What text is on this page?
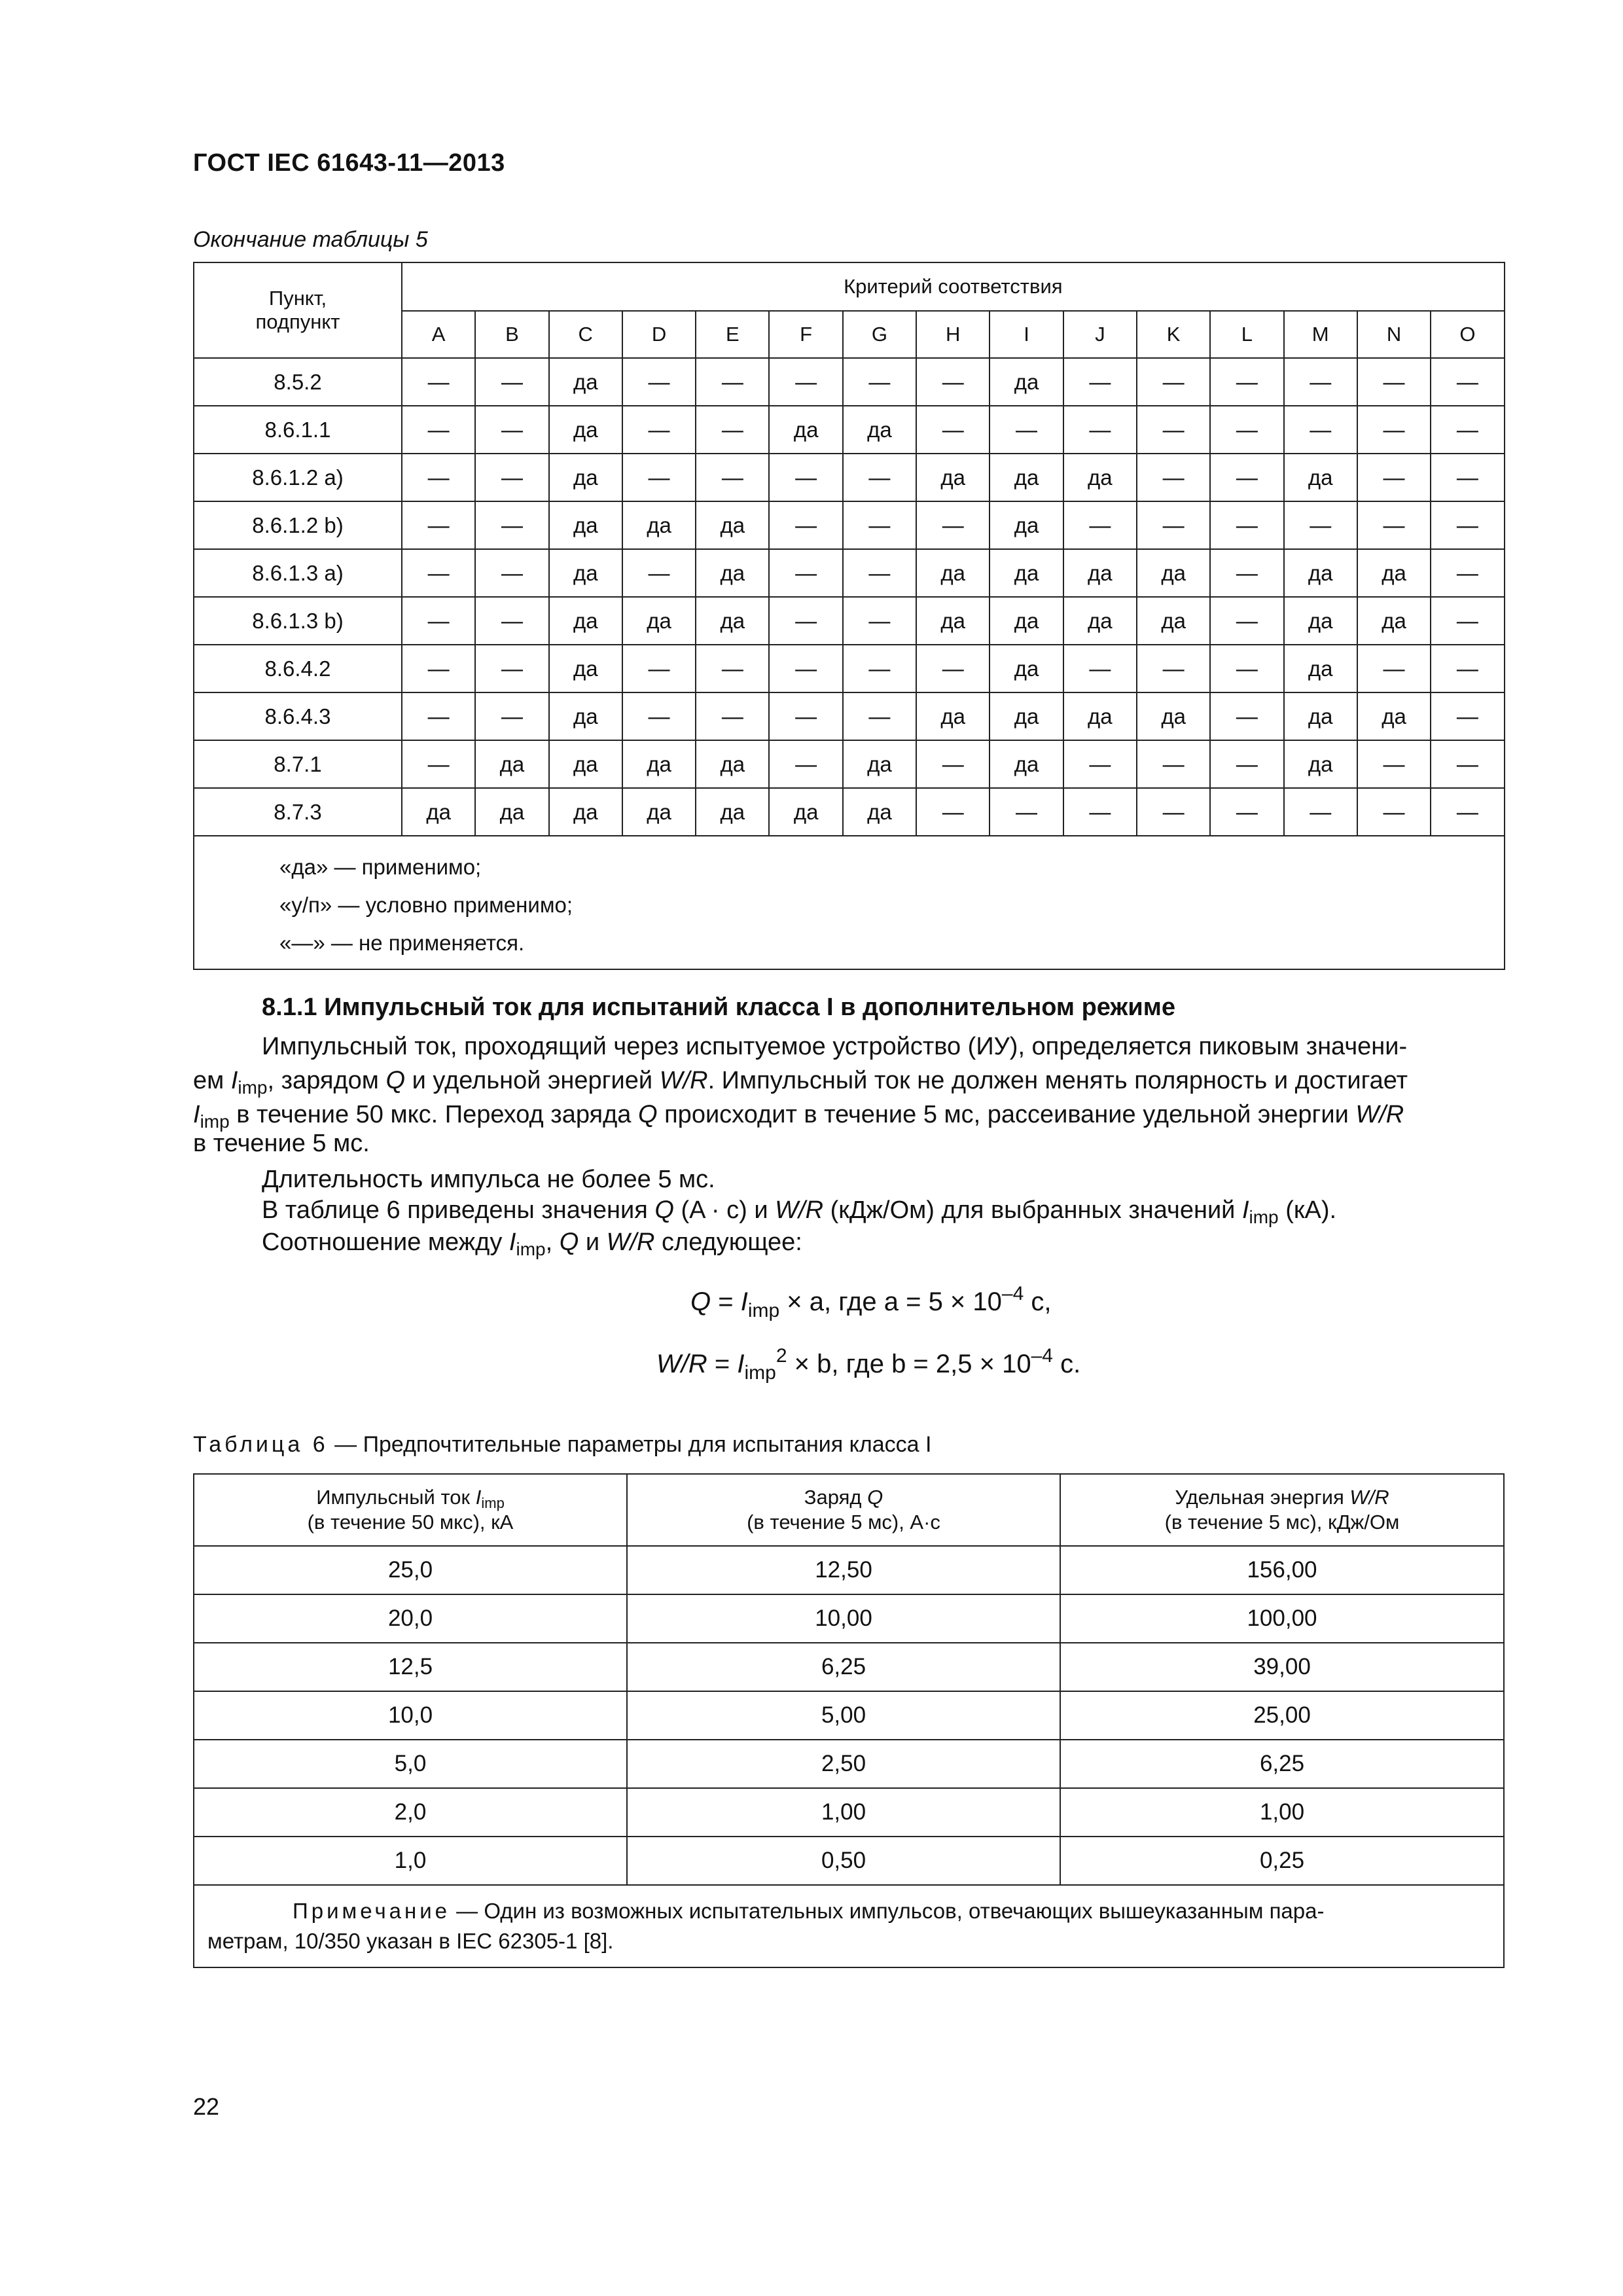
ГОСТ IEC 61643-11—2013
Окончание таблицы 5
Пункт,
подпункт	Критерий соответствия														
	A	B	C	D	E	F	G	H	I	J	K	L	M	N	O
8.5.2	—	—	да	—	—	—	—	—	да	—	—	—	—	—	—
8.6.1.1	—	—	да	—	—	да	да	—	—	—	—	—	—	—	—
8.6.1.2 a)	—	—	да	—	—	—	—	да	да	да	—	—	да	—	—
8.6.1.2 b)	—	—	да	да	да	—	—	—	да	—	—	—	—	—	—
8.6.1.3 a)	—	—	да	—	да	—	—	да	да	да	да	—	да	да	—
8.6.1.3 b)	—	—	да	да	да	—	—	да	да	да	да	—	да	да	—
8.6.4.2	—	—	да	—	—	—	—	—	да	—	—	—	да	—	—
8.6.4.3	—	—	да	—	—	—	—	да	да	да	да	—	да	да	—
8.7.1	—	да	да	да	да	—	да	—	да	—	—	—	да	—	—
8.7.3	да	да	да	да	да	да	да	—	—	—	—	—	—	—	—

«да» — применимо;
«у/п» — условно применимо;
«—» — не применяется.															
8.1.1 Импульсный ток для испытаний класса I в дополнительном режиме
Импульсный ток, проходящий через испытуемое устройство (ИУ), определяется пиковым значени-
ем $I_{imp}$, зарядом Q и удельной энергией W/R. Импульсный ток не должен менять полярность и достигает
$I_{imp}$ в течение 50 мкс. Переход заряда Q происходит в течение 5 мс, рассеивание удельной энергии W/R
в течение 5 мс.
Длительность импульса не более 5 мс.
В таблице 6 приведены значения Q (A · c) и W/R (кДж/Ом) для выбранных значений $I_{imp}$ (кА).
Соотношение между $I_{imp}$, Q и W/R следующее:
$Q = I_{imp} \times a$, где $a = 5 \times 10^{-4}$ c,
$W/R = I_{imp}^2 \times b$, где $b = 2,5 \times 10^{-4}$ c.
Таблица 6 — Предпочтительные параметры для испытания класса I
Импульсный ток $I_{imp}$
(в течение 50 мкс), кА	Заряд Q
(в течение 5 мс), А·с	Удельная энергия W/R
(в течение 5 мс), кДж/Ом
25,0	12,50	156,00
20,0	10,00	100,00
12,5	6,25	39,00
10,0	5,00	25,00
5,0	2,50	6,25
2,0	1,00	1,00
1,0	0,50	0,25
Примечание — Один из возможных испытательных импульсов, отвечающих вышеуказанным пара-
метрам, 10/350 указан в IEC 62305-1 [8].		
22
